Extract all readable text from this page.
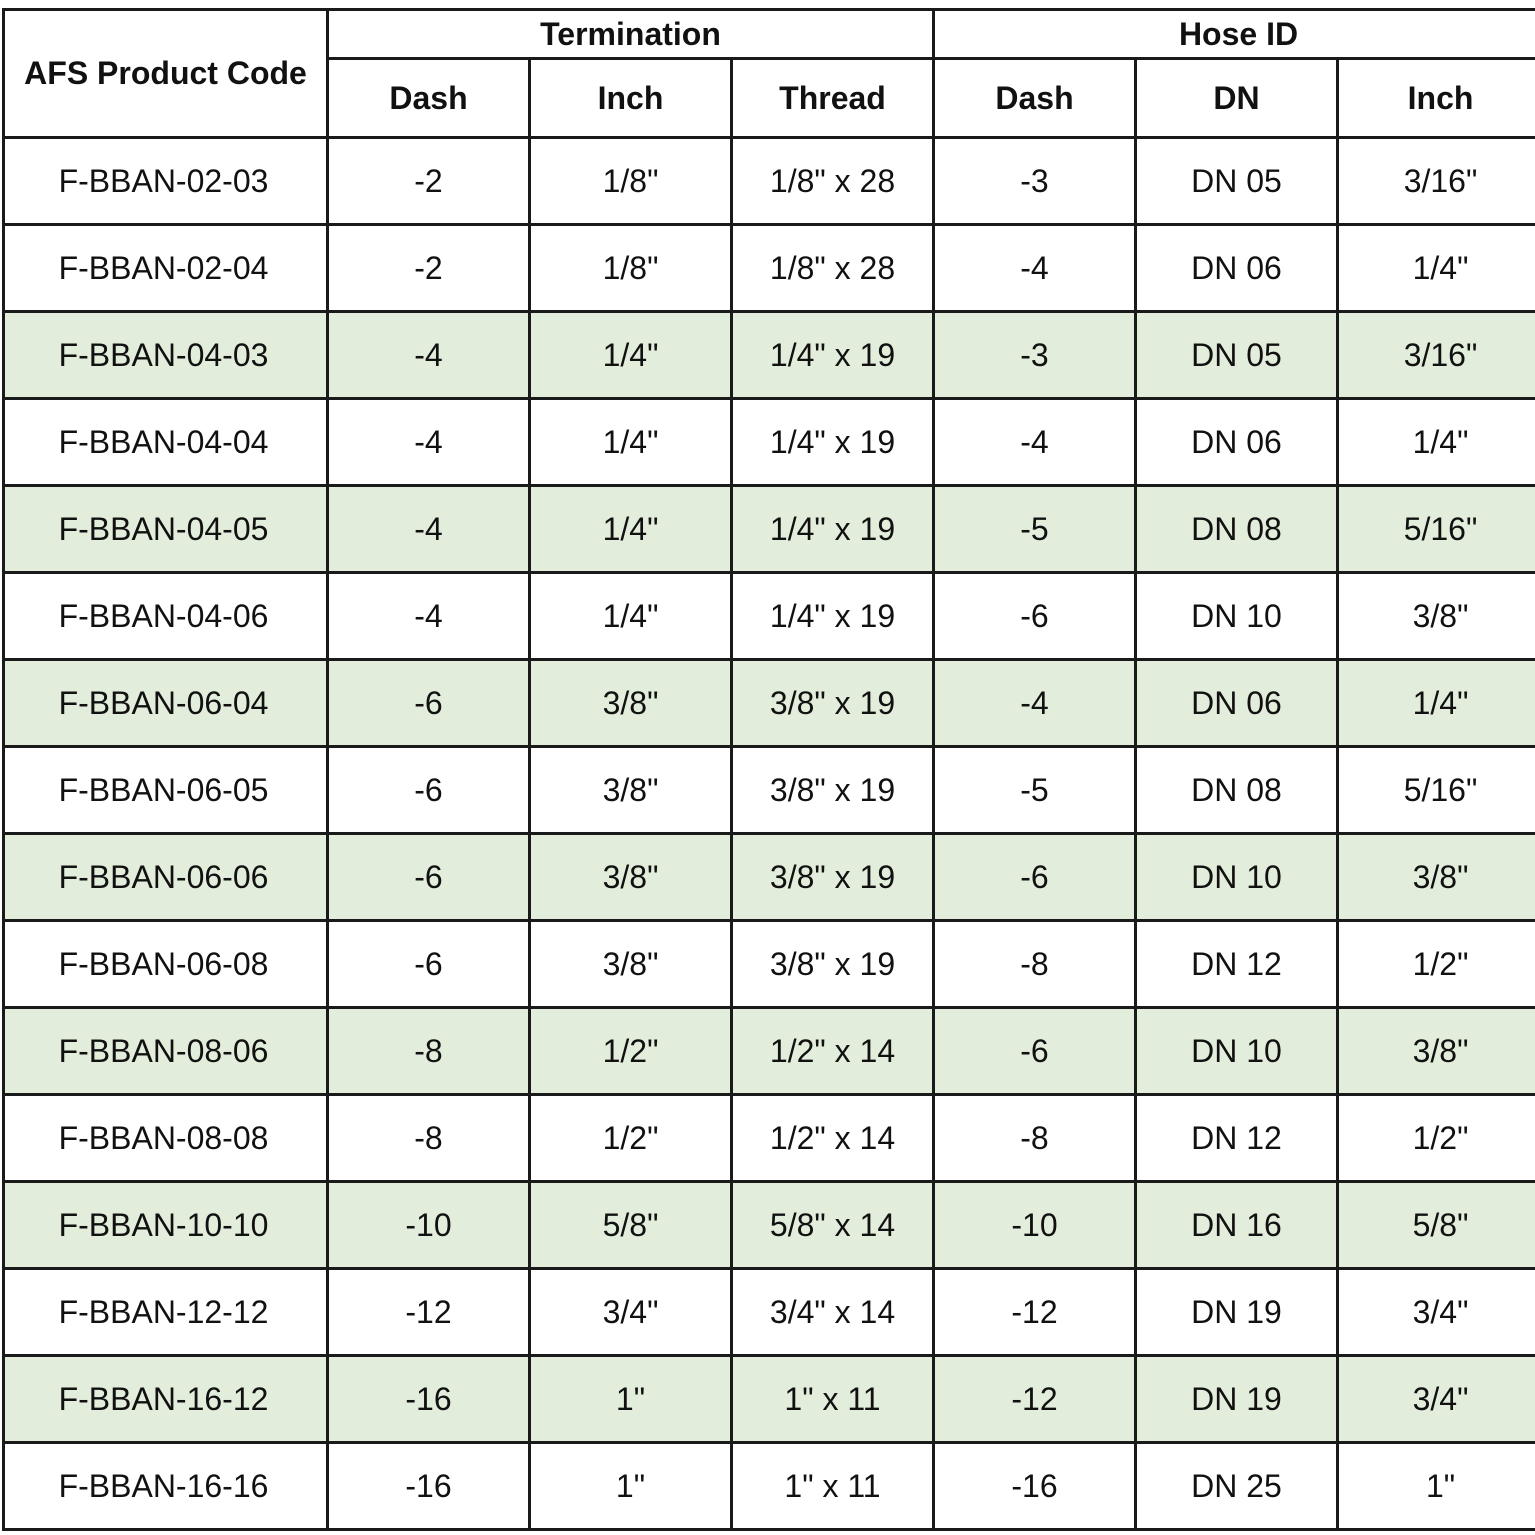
AFS Product Code	Termination			Hose ID		
	Dash	Inch	Thread	Dash	DN	Inch
F-BBAN-02-03	-2	1/8"	1/8" x 28	-3	DN 05	3/16"
F-BBAN-02-04	-2	1/8"	1/8" x 28	-4	DN 06	1/4"
F-BBAN-04-03	-4	1/4"	1/4" x 19	-3	DN 05	3/16"
F-BBAN-04-04	-4	1/4"	1/4" x 19	-4	DN 06	1/4"
F-BBAN-04-05	-4	1/4"	1/4" x 19	-5	DN 08	5/16"
F-BBAN-04-06	-4	1/4"	1/4" x 19	-6	DN 10	3/8"
F-BBAN-06-04	-6	3/8"	3/8" x 19	-4	DN 06	1/4"
F-BBAN-06-05	-6	3/8"	3/8" x 19	-5	DN 08	5/16"
F-BBAN-06-06	-6	3/8"	3/8" x 19	-6	DN 10	3/8"
F-BBAN-06-08	-6	3/8"	3/8" x 19	-8	DN 12	1/2"
F-BBAN-08-06	-8	1/2"	1/2" x 14	-6	DN 10	3/8"
F-BBAN-08-08	-8	1/2"	1/2" x 14	-8	DN 12	1/2"
F-BBAN-10-10	-10	5/8"	5/8" x 14	-10	DN 16	5/8"
F-BBAN-12-12	-12	3/4"	3/4" x 14	-12	DN 19	3/4"
F-BBAN-16-12	-16	1"	1" x 11	-12	DN 19	3/4"
F-BBAN-16-16	-16	1"	1" x 11	-16	DN 25	1"
